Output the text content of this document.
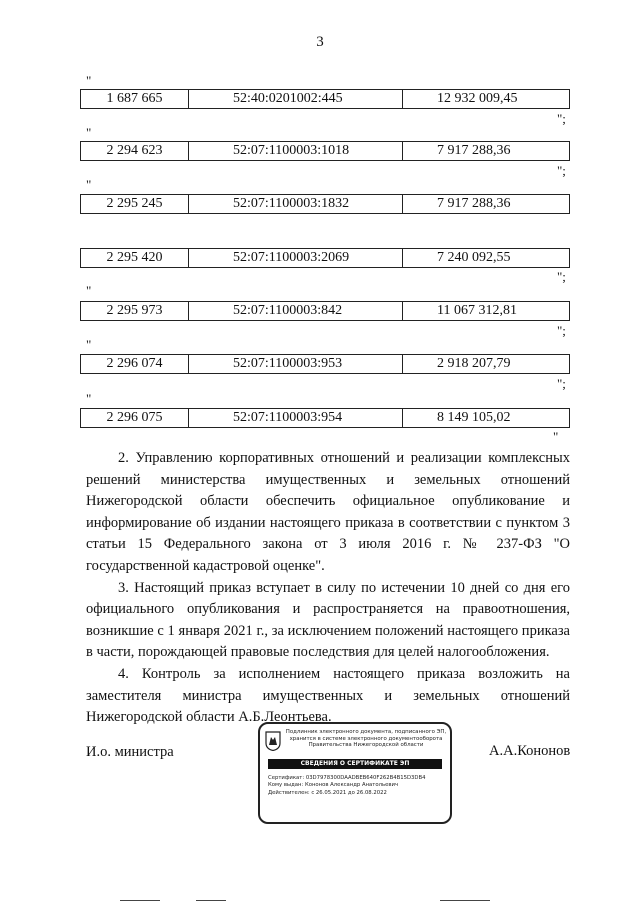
3
"
1 687 665	52:40:0201002:445	12 932 009,45
";
"
2 294 623	52:07:1100003:1018	7 917 288,36
";
"
2 295 245	52:07:1100003:1832	7 917 288,36
2 295 420	52:07:1100003:2069	7 240 092,55
";
"
2 295 973	52:07:1100003:842	11 067 312,81
";
"
2 296 074	52:07:1100003:953	2 918 207,79
";
"
2 296 075	52:07:1100003:954	8 149 105,02
"

2. Управлению корпоративных отношений и реализации комплексных решений министерства имущественных и земельных отношений Нижегородской области обеспечить официальное опубликование и информирование об издании настоящего приказа в соответствии с пунктом 3 статьи 15 Федерального закона от 3 июля 2016 г. № 237-ФЗ "О государственной кадастровой оценке".

3. Настоящий приказ вступает в силу по истечении 10 дней со дня его официального опубликования и распространяется на правоотношения, возникшие с 1 января 2021 г., за исключением положений настоящего приказа в части, порождающей правовые последствия для целей налогообложения.

4. Контроль за исполнением настоящего приказа возложить на заместителя министра имущественных и земельных отношений Нижегородской области А.Б.Леонтьева.

И.о. министра	А.А.Кононов
Подлинник электронного документа, подписанного ЭП,
хранится в системе электронного документооборота
Правительства Нижегородской области
СВЕДЕНИЯ О СЕРТИФИКАТЕ ЭП
Сертификат: 03D7978300DAADBEB640F262B4B15D3DB4
Кому выдан: Кононов Александр Анатольевич
Действителен: с 26.05.2021 до 26.08.2022
